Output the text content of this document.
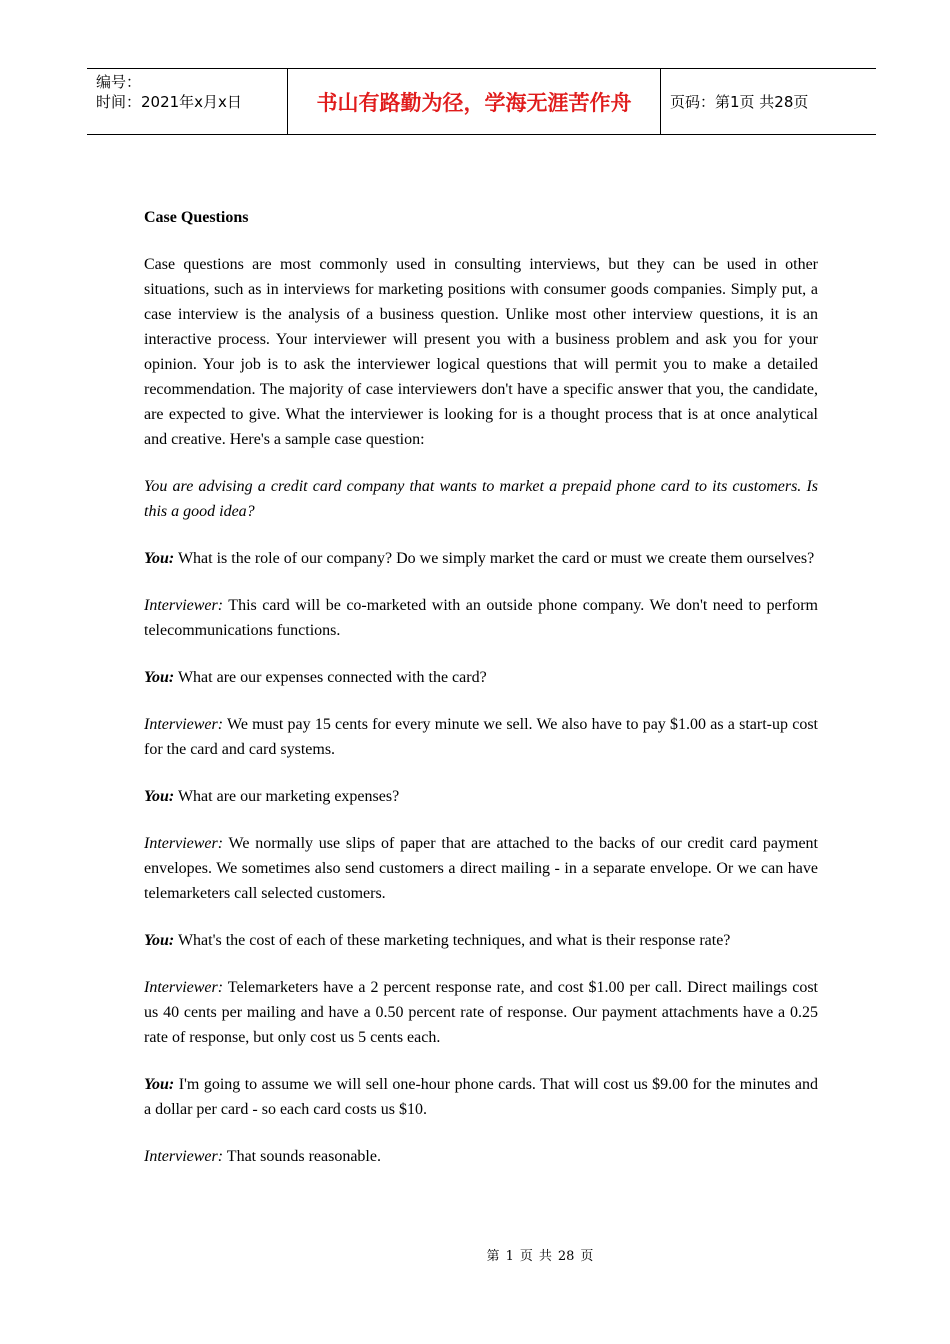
编号：
时间：2021年x月x日	书山有路勤为径，学海无涯苦作舟	页码：第1页 共28页

Case Questions

Case questions are most commonly used in consulting interviews, but they can be used in other situations, such as in interviews for marketing positions with consumer goods companies. Simply put, a case interview is the analysis of a business question. Unlike most other interview questions, it is an interactive process. Your interviewer will present you with a business problem and ask you for your opinion. Your job is to ask the interviewer logical questions that will permit you to make a detailed recommendation. The majority of case interviewers don't have a specific answer that you, the candidate, are expected to give. What the interviewer is looking for is a thought process that is at once analytical and creative. Here's a sample case question:

You are advising a credit card company that wants to market a prepaid phone card to its customers. Is this a good idea?

You: What is the role of our company? Do we simply market the card or must we create them ourselves?

Interviewer: This card will be co-marketed with an outside phone company. We don't need to perform telecommunications functions.

You: What are our expenses connected with the card?

Interviewer: We must pay 15 cents for every minute we sell. We also have to pay $1.00 as a start-up cost for the card and card systems.

You: What are our marketing expenses?

Interviewer: We normally use slips of paper that are attached to the backs of our credit card payment envelopes. We sometimes also send customers a direct mailing - in a separate envelope. Or we can have telemarketers call selected customers.

You: What's the cost of each of these marketing techniques, and what is their response rate?

Interviewer: Telemarketers have a 2 percent response rate, and cost $1.00 per call. Direct mailings cost us 40 cents per mailing and have a 0.50 percent rate of response. Our payment attachments have a 0.25 rate of response, but only cost us 5 cents each.

You: I'm going to assume we will sell one-hour phone cards. That will cost us $9.00 for the minutes and a dollar per card - so each card costs us $10.

Interviewer: That sounds reasonable.

第 1 页 共 28 页
